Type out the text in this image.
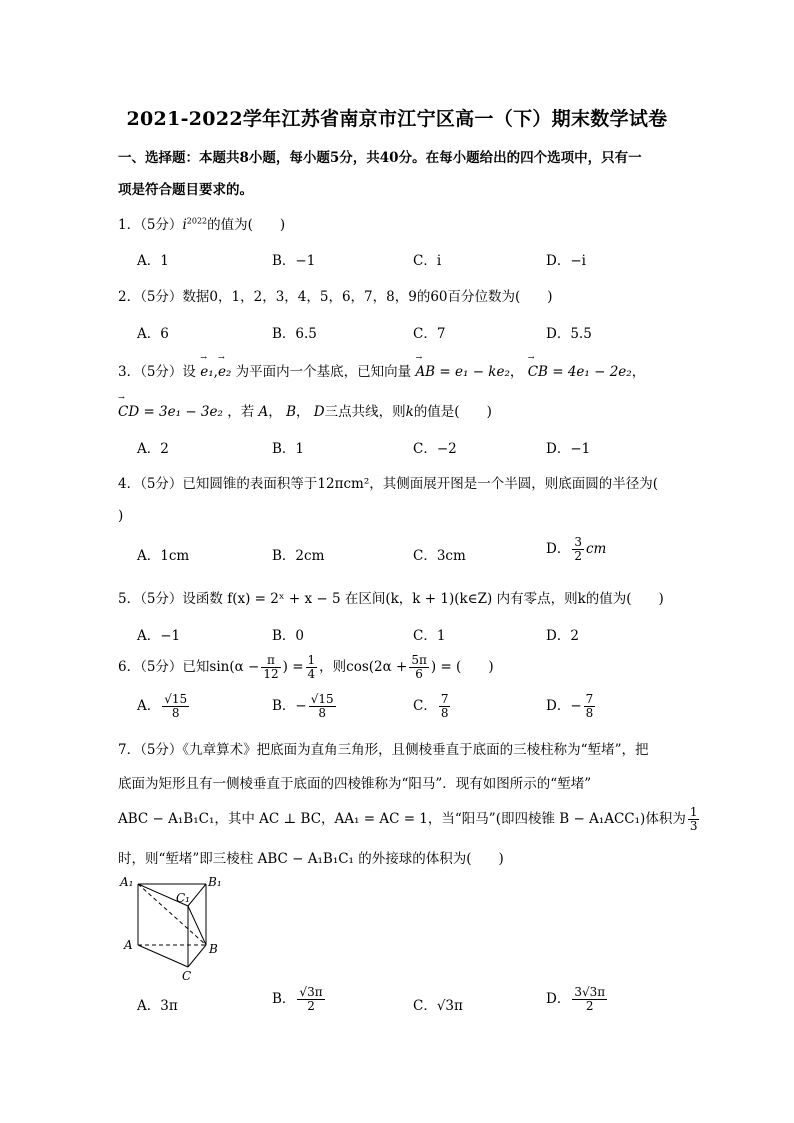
2021-2022学年江苏省南京市江宁区高一（下）期末数学试卷
一、选择题：本题共8小题，每小题5分，共40分。在每小题给出的四个选项中，只有一
项是符合题目要求的。
1．（5分）$i^{2022}$的值为(　　)
A．1	B．−1	C．i	D．−i
2．（5分）数据0，1，2，3，4，5，6，7，8，9的60百分位数为(　　)
A．6	B．6.5	C．7	D．5.5
3．（5分）设 → e₁,→ e₂ 为平面内一个基底，已知向量 → AB = e₁ − ke₂， → CB = 4e₁ − 2e₂，
→ CD = 3e₁ − 3e₂ ，若 A， B， D三点共线，则k的值是(　　)
A．2	B．1	C．−2	D．−1
4．（5分）已知圆锥的表面积等于12πcm²，其侧面展开图是一个半圆，则底面圆的半径为(
)
A．1cm	B．2cm	C．3cm	D． $\frac{3}{2}$ cm
5．（5分）设函数 f(x) = 2ˣ + x − 5 在区间(k，k + 1)(k∈Z) 内有零点，则k的值为(　　)
A．−1	B．0	C．1	D．2
6．（5分）已知$\sin(\alpha - \frac{\pi}{12}$ ) = $\frac{1}{4}$ ，则$\cos(2\alpha + \frac{5\pi}{6}$ ) = (　　)
A． $\frac{√15}{8}$	B．− $\frac{√15}{8}$	C． $\frac{7}{8}$	D．− $\frac{7}{8}$
7．（5分）《九章算术》把底面为直角三角形，且侧棱垂直于底面的三棱柱称为“堑堵”，把
底面为矩形且有一侧棱垂直于底面的四棱锥称为“阳马”．现有如图所示的“堑堵”
ABC − A₁B₁C₁，其中 AC ⊥ BC，AA₁ = AC = 1，当“阳马”(即四棱锥 B − A₁ACC₁)体积为 $\frac{1}{3}$
时，则“堑堵”即三棱柱 ABC − A₁B₁C₁ 的外接球的体积为(　　)
A₁	B₁
C₁
A	B
C
A．3π	B． $\frac{√3\pi}{2}$	C．√3π	D． $\frac{3√3\pi}{2}$
